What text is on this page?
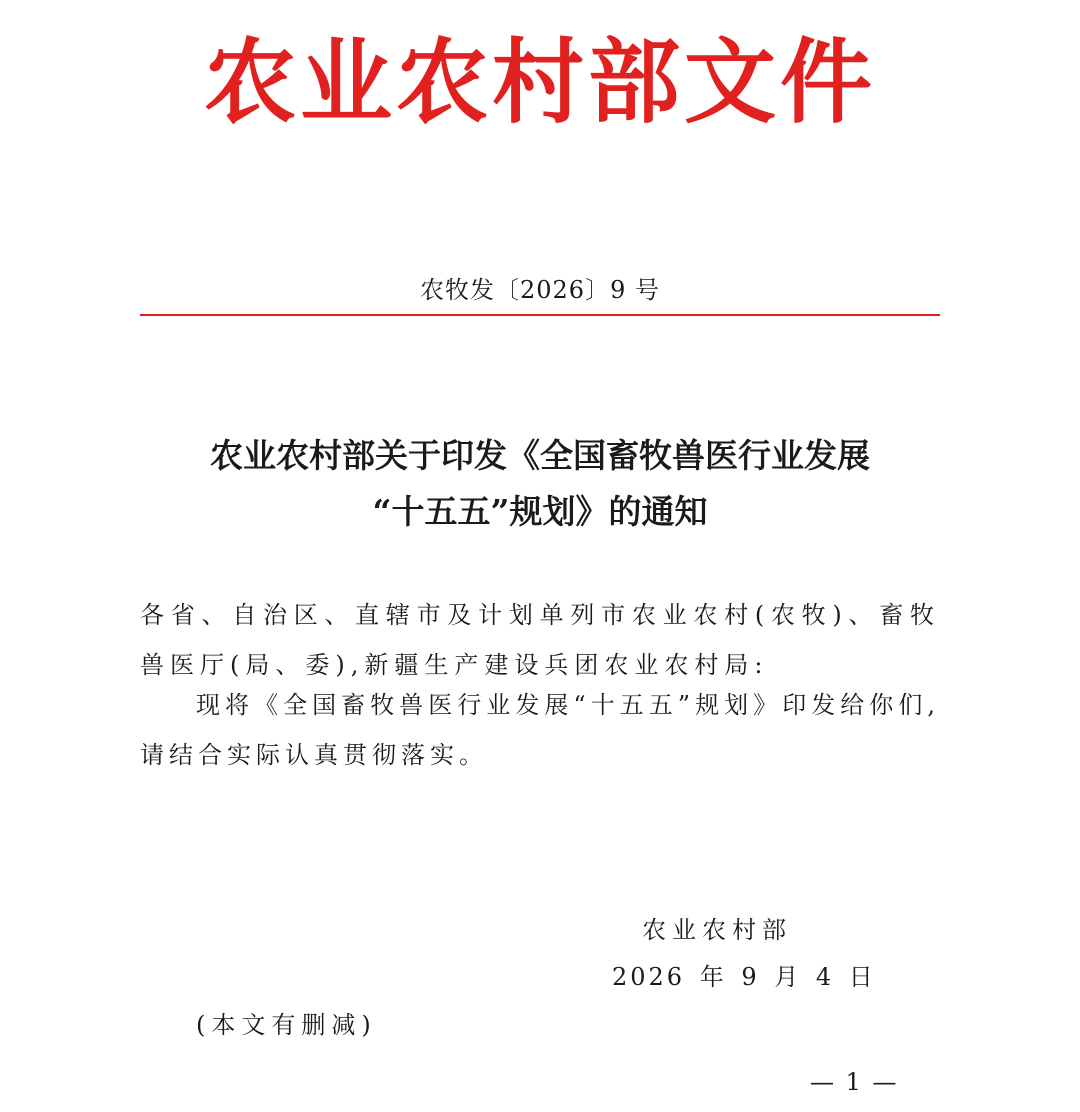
农业农村部文件
农牧发〔2026〕9 号
农业农村部关于印发《全国畜牧兽医行业发展
“十五五”规划》的通知
各省、自治区、直辖市及计划单列市农业农村(农牧)、畜牧兽医厅(局、委),新疆生产建设兵团农业农村局:
现将《全国畜牧兽医行业发展“十五五”规划》印发给你们,请结合实际认真贯彻落实。
农业农村部
2026 年 9 月 4 日
(本文有删减)
— 1 —
